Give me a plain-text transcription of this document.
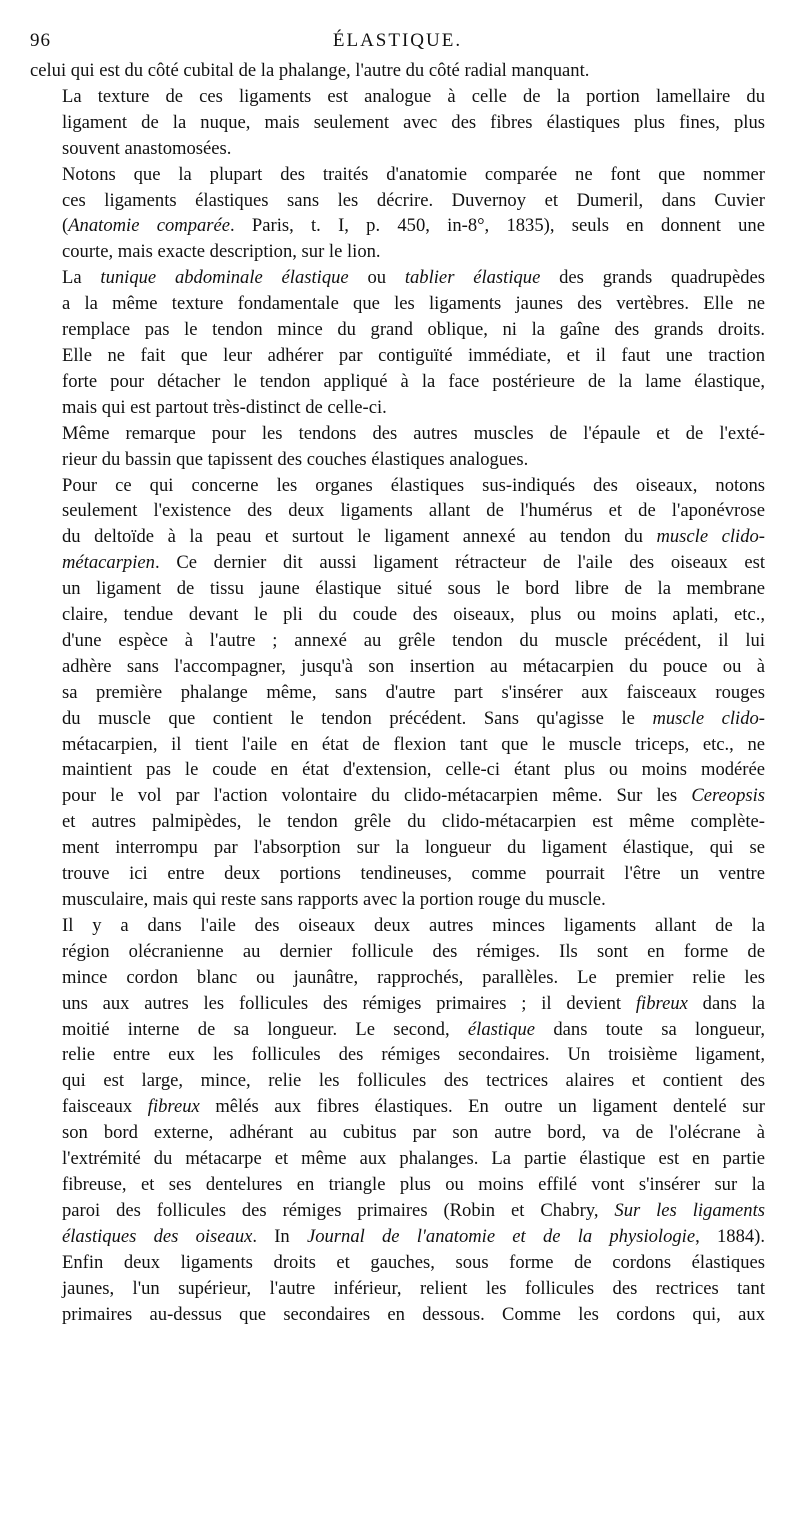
96	ÉLASTIQUE.
celui qui est du côté cubital de la phalange, l'autre du côté radial manquant.
La texture de ces ligaments est analogue à celle de la portion lamellaire du
ligament de la nuque, mais seulement avec des fibres élastiques plus fines, plus
souvent anastomosées.
Notons que la plupart des traités d'anatomie comparée ne font que nommer
ces ligaments élastiques sans les décrire. Duvernoy et Dumeril, dans Cuvier
(Anatomie comparée. Paris, t. I, p. 450, in-8°, 1835), seuls en donnent une
courte, mais exacte description, sur le lion.
La tunique abdominale élastique ou tablier élastique des grands quadrupèdes
a la même texture fondamentale que les ligaments jaunes des vertèbres. Elle ne
remplace pas le tendon mince du grand oblique, ni la gaîne des grands droits.
Elle ne fait que leur adhérer par contiguïté immédiate, et il faut une traction
forte pour détacher le tendon appliqué à la face postérieure de la lame élastique,
mais qui est partout très-distinct de celle-ci.
Même remarque pour les tendons des autres muscles de l'épaule et de l'exté-
rieur du bassin que tapissent des couches élastiques analogues.
Pour ce qui concerne les organes élastiques sus-indiqués des oiseaux, notons
seulement l'existence des deux ligaments allant de l'humérus et de l'aponévrose
du deltoïde à la peau et surtout le ligament annexé au tendon du muscle clido-
métacarpien. Ce dernier dit aussi ligament rétracteur de l'aile des oiseaux est
un ligament de tissu jaune élastique situé sous le bord libre de la membrane
claire, tendue devant le pli du coude des oiseaux, plus ou moins aplati, etc.,
d'une espèce à l'autre ; annexé au grêle tendon du muscle précédent, il lui
adhère sans l'accompagner, jusqu'à son insertion au métacarpien du pouce ou à
sa première phalange même, sans d'autre part s'insérer aux faisceaux rouges
du muscle que contient le tendon précédent. Sans qu'agisse le muscle clido-
métacarpien, il tient l'aile en état de flexion tant que le muscle triceps, etc., ne
maintient pas le coude en état d'extension, celle-ci étant plus ou moins modérée
pour le vol par l'action volontaire du clido-métacarpien même. Sur les Cereopsis
et autres palmipèdes, le tendon grêle du clido-métacarpien est même complète-
ment interrompu par l'absorption sur la longueur du ligament élastique, qui se
trouve ici entre deux portions tendineuses, comme pourrait l'être un ventre
musculaire, mais qui reste sans rapports avec la portion rouge du muscle.
Il y a dans l'aile des oiseaux deux autres minces ligaments allant de la
région olécranienne au dernier follicule des rémiges. Ils sont en forme de
mince cordon blanc ou jaunâtre, rapprochés, parallèles. Le premier relie les
uns aux autres les follicules des rémiges primaires ; il devient fibreux dans la
moitié interne de sa longueur. Le second, élastique dans toute sa longueur,
relie entre eux les follicules des rémiges secondaires. Un troisième ligament,
qui est large, mince, relie les follicules des tectrices alaires et contient des
faisceaux fibreux mêlés aux fibres élastiques. En outre un ligament dentelé sur
son bord externe, adhérant au cubitus par son autre bord, va de l'olécrane à
l'extrémité du métacarpe et même aux phalanges. La partie élastique est en partie
fibreuse, et ses dentelures en triangle plus ou moins effilé vont s'insérer sur la
paroi des follicules des rémiges primaires (Robin et Chabry, Sur les ligaments
élastiques des oiseaux. In Journal de l'anatomie et de la physiologie, 1884).
Enfin deux ligaments droits et gauches, sous forme de cordons élastiques
jaunes, l'un supérieur, l'autre inférieur, relient les follicules des rectrices tant
primaires au-dessus que secondaires en dessous. Comme les cordons qui, aux
